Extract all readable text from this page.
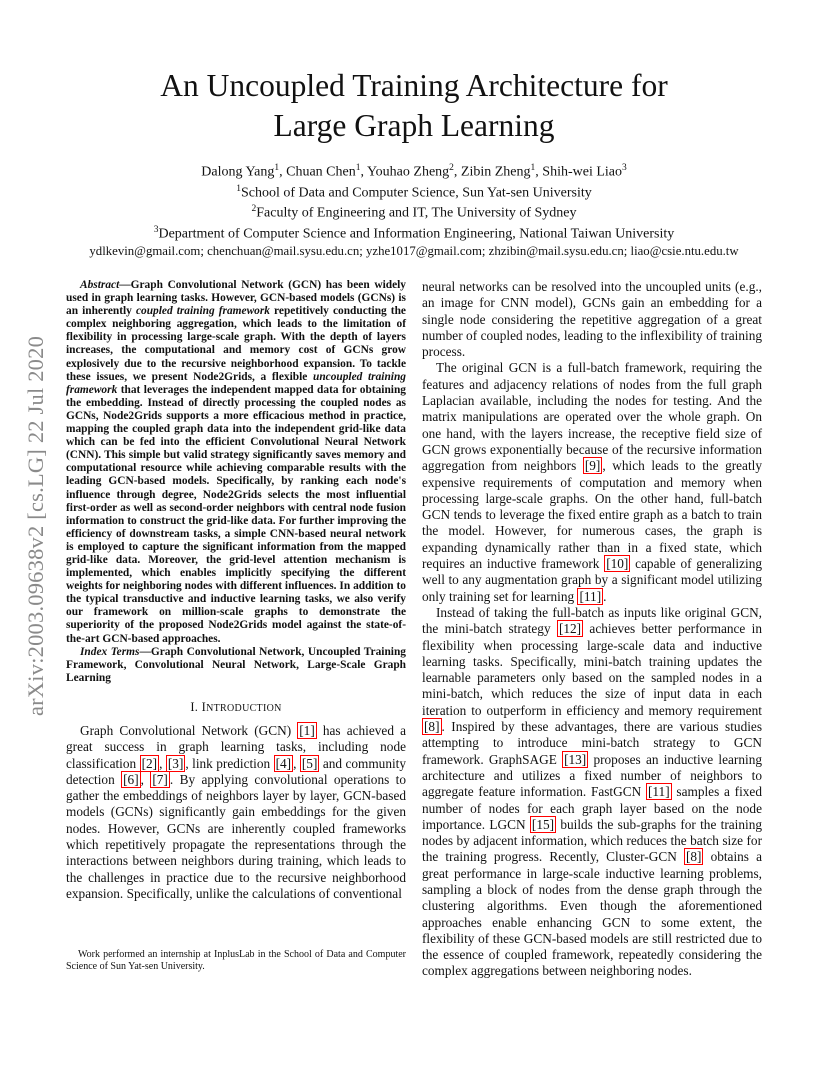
arXiv:2003.09638v2 [cs.LG] 22 Jul 2020
An Uncoupled Training Architecture for
Large Graph Learning
Dalong Yang$^1$, Chuan Chen$^1$, Youhao Zheng$^2$, Zibin Zheng$^1$, Shih-wei Liao$^3$
$^1$School of Data and Computer Science, Sun Yat-sen University
$^2$Faculty of Engineering and IT, The University of Sydney
$^3$Department of Computer Science and Information Engineering, National Taiwan University
ydlkevin@gmail.com; chenchuan@mail.sysu.edu.cn; yzhe1017@gmail.com; zhzibin@mail.sysu.edu.cn; liao@csie.ntu.edu.tw

Abstract—Graph Convolutional Network (GCN) has been widely used in graph learning tasks. However, GCN-based models (GCNs) is an inherently coupled training framework repetitively conducting the complex neighboring aggregation, which leads to the limitation of flexibility in processing large-scale graph. With the depth of layers increases, the computational and memory cost of GCNs grow explosively due to the recursive neighborhood expansion. To tackle these issues, we present Node2Grids, a flexible uncoupled training framework that leverages the independent mapped data for obtaining the embedding. Instead of directly processing the coupled nodes as GCNs, Node2Grids supports a more efficacious method in practice, mapping the coupled graph data into the independent grid-like data which can be fed into the efficient Convolutional Neural Network (CNN). This simple but valid strategy significantly saves memory and computational resource while achieving comparable results with the leading GCN-based models. Specifically, by ranking each node's influence through degree, Node2Grids selects the most influential first-order as well as second-order neighbors with central node fusion information to construct the grid-like data. For further improving the efficiency of downstream tasks, a simple CNN-based neural network is employed to capture the significant information from the mapped grid-like data. Moreover, the grid-level attention mechanism is implemented, which enables implicitly specifying the different weights for neighboring nodes with different influences. In addition to the typical transductive and inductive learning tasks, we also verify our framework on million-scale graphs to demonstrate the superiority of the proposed Node2Grids model against the state-of-the-art GCN-based approaches.

Index Terms—Graph Convolutional Network, Uncoupled Training Framework, Convolutional Neural Network, Large-Scale Graph Learning

I. INTRODUCTION

Graph Convolutional Network (GCN) [1] has achieved a great success in graph learning tasks, including node classification [2] , [3] , link prediction [4] , [5] and community detection [6] , [7] . By applying convolutional operations to gather the embeddings of neighbors layer by layer, GCN-based models (GCNs) significantly gain embeddings for the given nodes. However, GCNs are inherently coupled frameworks which repetitively propagate the representations through the interactions between neighbors during training, which leads to the challenges in practice due to the recursive neighborhood expansion. Specifically, unlike the calculations of conventional

Work performed an internship at InplusLab in the School of Data and Computer Science of Sun Yat-sen University.

neural networks can be resolved into the uncoupled units (e.g., an image for CNN model), GCNs gain an embedding for a single node considering the repetitive aggregation of a great number of coupled nodes, leading to the inflexibility of training process.

The original GCN is a full-batch framework, requiring the features and adjacency relations of nodes from the full graph Laplacian available, including the nodes for testing. And the matrix manipulations are operated over the whole graph. On one hand, with the layers increase, the receptive field size of GCN grows exponentially because of the recursive information aggregation from neighbors [9] , which leads to the greatly expensive requirements of computation and memory when processing large-scale graphs. On the other hand, full-batch GCN tends to leverage the fixed entire graph as a batch to train the model. However, for numerous cases, the graph is expanding dynamically rather than in a fixed state, which requires an inductive framework [10] capable of generalizing well to any augmentation graph by a significant model utilizing only training set for learning [11] .

Instead of taking the full-batch as inputs like original GCN, the mini-batch strategy [12] achieves better performance in flexibility when processing large-scale data and inductive learning tasks. Specifically, mini-batch training updates the learnable parameters only based on the sampled nodes in a mini-batch, which reduces the size of input data in each iteration to outperform in efficiency and memory requirement [8] . Inspired by these advantages, there are various studies attempting to introduce mini-batch strategy to GCN framework. GraphSAGE [13] proposes an inductive learning architecture and utilizes a fixed number of neighbors to aggregate feature information. FastGCN [11] samples a fixed number of nodes for each graph layer based on the node importance. LGCN [15] builds the sub-graphs for the training nodes by adjacent information, which reduces the batch size for the training progress. Recently, Cluster-GCN [8] obtains a great performance in large-scale inductive learning problems, sampling a block of nodes from the dense graph through the clustering algorithms. Even though the aforementioned approaches enable enhancing GCN to some extent, the flexibility of these GCN-based models are still restricted due to the essence of coupled framework, repeatedly considering the complex aggregations between neighboring nodes.
